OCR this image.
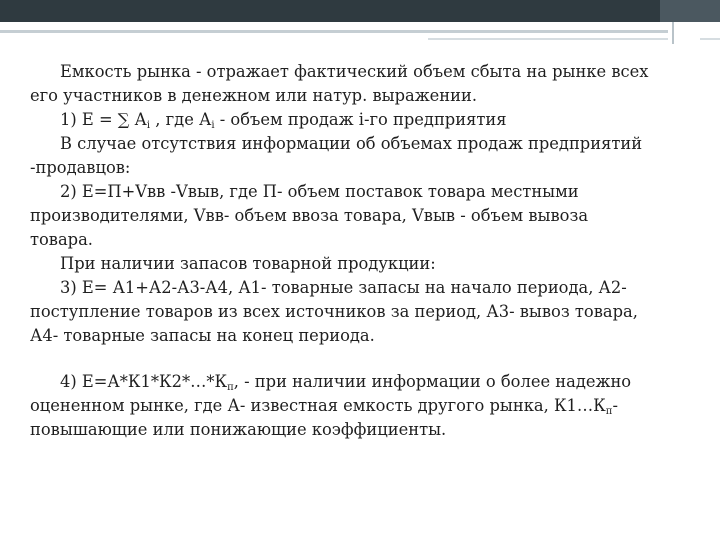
Емкость рынка - отражает фактический объем сбыта на рынке всех

его участников в денежном или натур. выражении.

1) Е = ∑ $А_i$ , где $А_i$ - объем продаж i-го предприятия

В случае отсутствия информации об объемах продаж предприятий

-продавцов:

2) Е=П+Vвв -Vвыв, где П- объем поставок товара местными

производителями, Vвв- объем ввоза товара, Vвыв - объем вывоза

товара.

При наличии запасов товарной продукции:

3) Е= А1+А2-А3-А4, А1- товарные запасы на начало периода, А2-

поступление товаров из всех источников за период, А3- вывоз товара,

А4- товарные запасы на конец периода.

4) $Е=А*К1*К2*\dots*К_п$, - при наличии информации о более надежно

оцененном рынке, где А- известная емкость другого рынка, $К1\dots К_п-$

повышающие или понижающие коэффициенты.
